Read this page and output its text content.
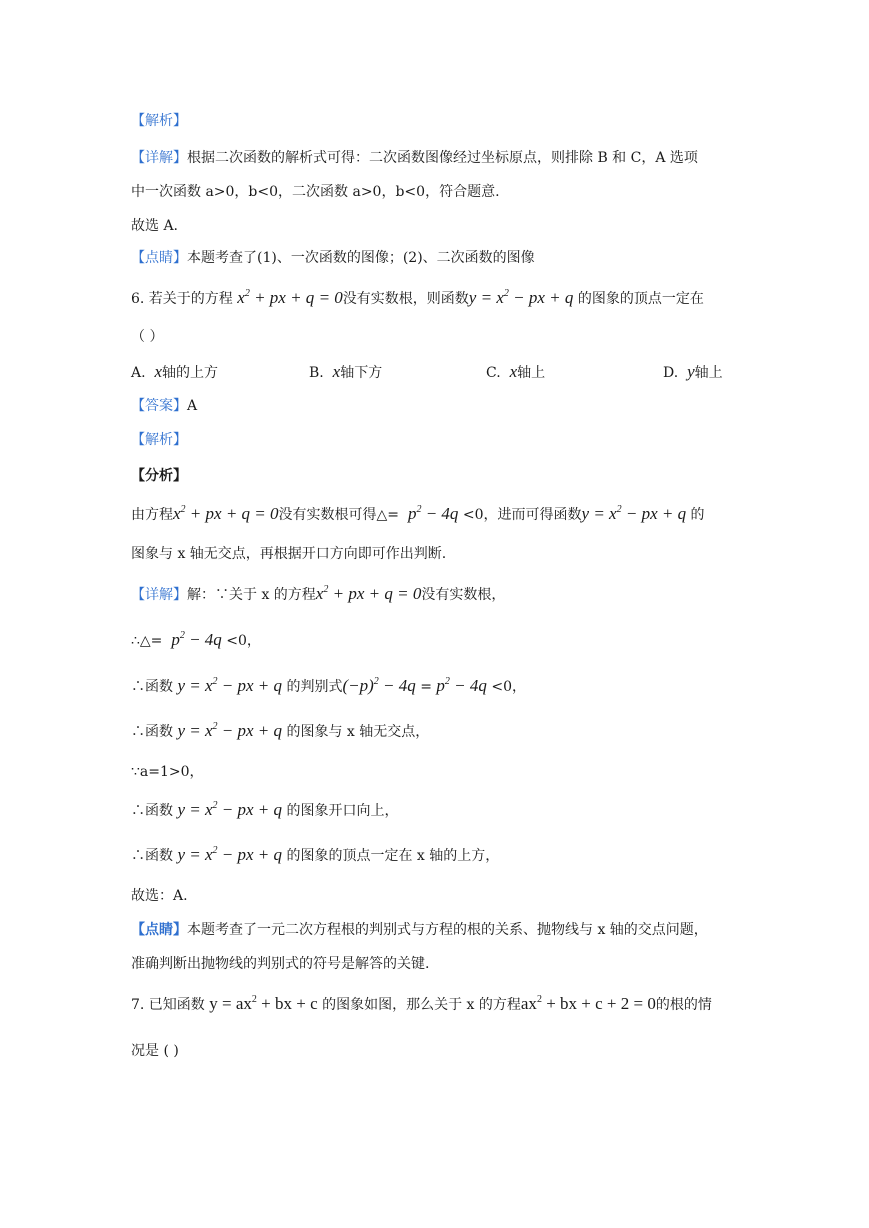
【解析】
【详解】根据二次函数的解析式可得：二次函数图像经过坐标原点，则排除 B 和 C，A 选项
中一次函数 a>0，b<0，二次函数 a>0，b<0，符合题意.
故选 A.
【点睛】本题考查了(1)、一次函数的图像；(2)、二次函数的图像
6. 若关于的方程 $x^2$ + px + q = 0没有实数根，则函数$y = x^2$ − px + q 的图象的顶点一定在
（ ）
A. x轴的上方	B. x轴下方	C. x轴上	D. y轴上
【答案】A
【解析】
【分析】
由方程$x^2$ + px + q = 0没有实数根可得△= $p^2 - 4q <0$，进而可得函数$y = x^2$ − px + q 的
图象与 x 轴无交点，再根据开口方向即可作出判断.
【详解】解：∵关于 x 的方程$x^2$ + px + q = 0没有实数根，
∴△= $p^2 - 4q <0$，
∴函数 $y = x^2$ − px + q 的判别式$(-p)^2 - 4q = p^2 - 4q <0$，
∴函数 $y = x^2$ − px + q 的图象与 x 轴无交点，
∵a=1>0，
∴函数 $y = x^2$ − px + q 的图象开口向上，
∴函数 $y = x^2$ − px + q 的图象的顶点一定在 x 轴的上方，
故选：A.
【点睛】本题考查了一元二次方程根的判别式与方程的根的关系、抛物线与 x 轴的交点问题，
准确判断出抛物线的判别式的符号是解答的关键.
7. 已知函数 $y = ax^2$ + bx + c 的图象如图，那么关于 x 的方程$ax^2$ + bx + c + 2 = 0的根的情
况是 ( )
